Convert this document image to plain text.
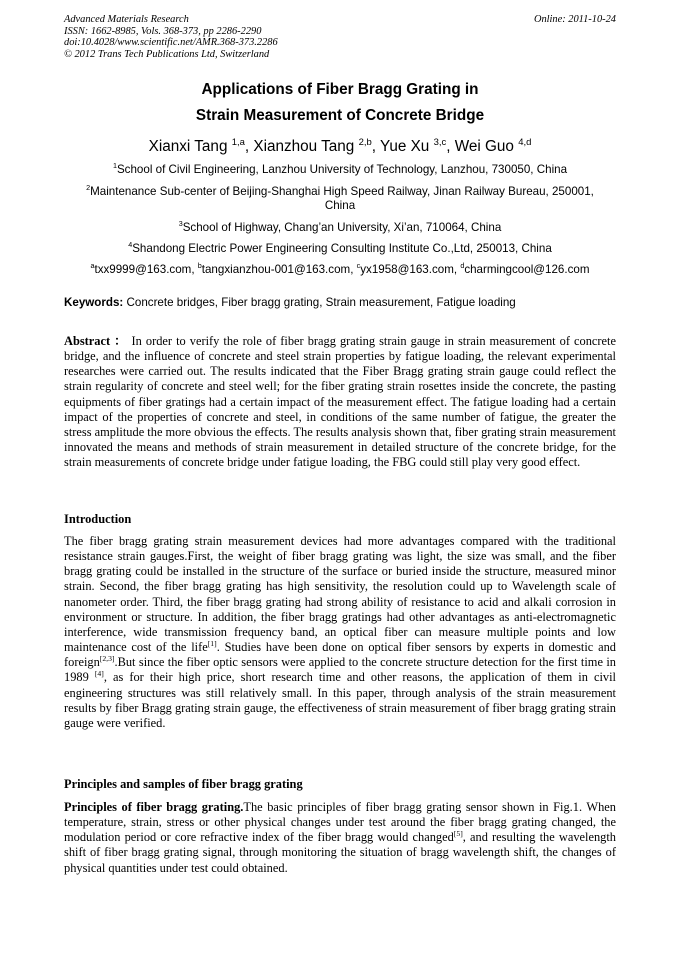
Advanced Materials Research
ISSN: 1662-8985, Vols. 368-373, pp 2286-2290
doi:10.4028/www.scientific.net/AMR.368-373.2286
© 2012 Trans Tech Publications Ltd, Switzerland
Online: 2011-10-24
Applications of Fiber Bragg Grating in
Strain Measurement of Concrete Bridge
Xianxi Tang $^{1,a}$, Xianzhou Tang $^{2,b}$, Yue Xu $^{3,c}$, Wei Guo $^{4,d}$
$^1$School of Civil Engineering, Lanzhou University of Technology, Lanzhou, 730050, China
$^2$Maintenance Sub-center of Beijing-Shanghai High Speed Railway, Jinan Railway Bureau, 250001,
China
$^3$School of Highway, Chang’an University, Xi’an, 710064, China
$^4$Shandong Electric Power Engineering Consulting Institute Co.,Ltd, 250013, China
$^a$txx9999@163.com, $^b$tangxianzhou-001@163.com, $^c$yx1958@163.com, $^d$charmingcool@126.com
Keywords: Concrete bridges, Fiber bragg grating, Strain measurement, Fatigue loading

Abstract ： In order to verify the role of fiber bragg grating strain gauge in strain measurement of concrete bridge, and the influence of concrete and steel strain properties by fatigue loading, the relevant experimental researches were carried out. The results indicated that the Fiber Bragg grating strain gauge could reflect the strain regularity of concrete and steel well; for the fiber grating strain rosettes inside the concrete, the pasting equipments of fiber gratings had a certain impact of the measurement effect. The fatigue loading had a certain impact of the properties of concrete and steel, in conditions of the same number of fatigue, the greater the stress amplitude the more obvious the effects. The results analysis shown that, fiber grating strain measurement innovated the means and methods of strain measurement in detailed structure of the concrete bridge, for the strain measurements of concrete bridge under fatigue loading, the FBG could still play very good effect.

Introduction

The fiber bragg grating strain measurement devices had more advantages compared with the traditional resistance strain gauges.First, the weight of fiber bragg grating was light, the size was small, and the fiber bragg grating could be installed in the structure of the surface or buried inside the structure, measured minor strain. Second, the fiber bragg grating has high sensitivity, the resolution could up to Wavelength scale of nanometer order. Third, the fiber bragg grating had strong ability of resistance to acid and alkali corrosion in environment or structure. In addition, the fiber bragg gratings had other advantages as anti-electromagnetic interference, wide transmission frequency band, an optical fiber can measure multiple points and low maintenance cost of the life[1]. Studies have been done on optical fiber sensors by experts in domestic and foreign[2,3].But since the fiber optic sensors were applied to the concrete structure detection for the first time in 1989 [4], as for their high price, short research time and other reasons, the application of them in civil engineering structures was still relatively small. In this paper, through analysis of the strain measurement results by fiber Bragg grating strain gauge, the effectiveness of strain measurement of fiber bragg grating strain gauge were verified.

Principles and samples of fiber bragg grating

Principles of fiber bragg grating.The basic principles of fiber bragg grating sensor shown in Fig.1. When temperature, strain, stress or other physical changes under test around the fiber bragg grating changed, the modulation period or core refractive index of the fiber bragg would changed[5], and resulting the wavelength shift of fiber bragg grating signal, through monitoring the situation of bragg wavelength shift, the changes of physical quantities under test could obtained.
